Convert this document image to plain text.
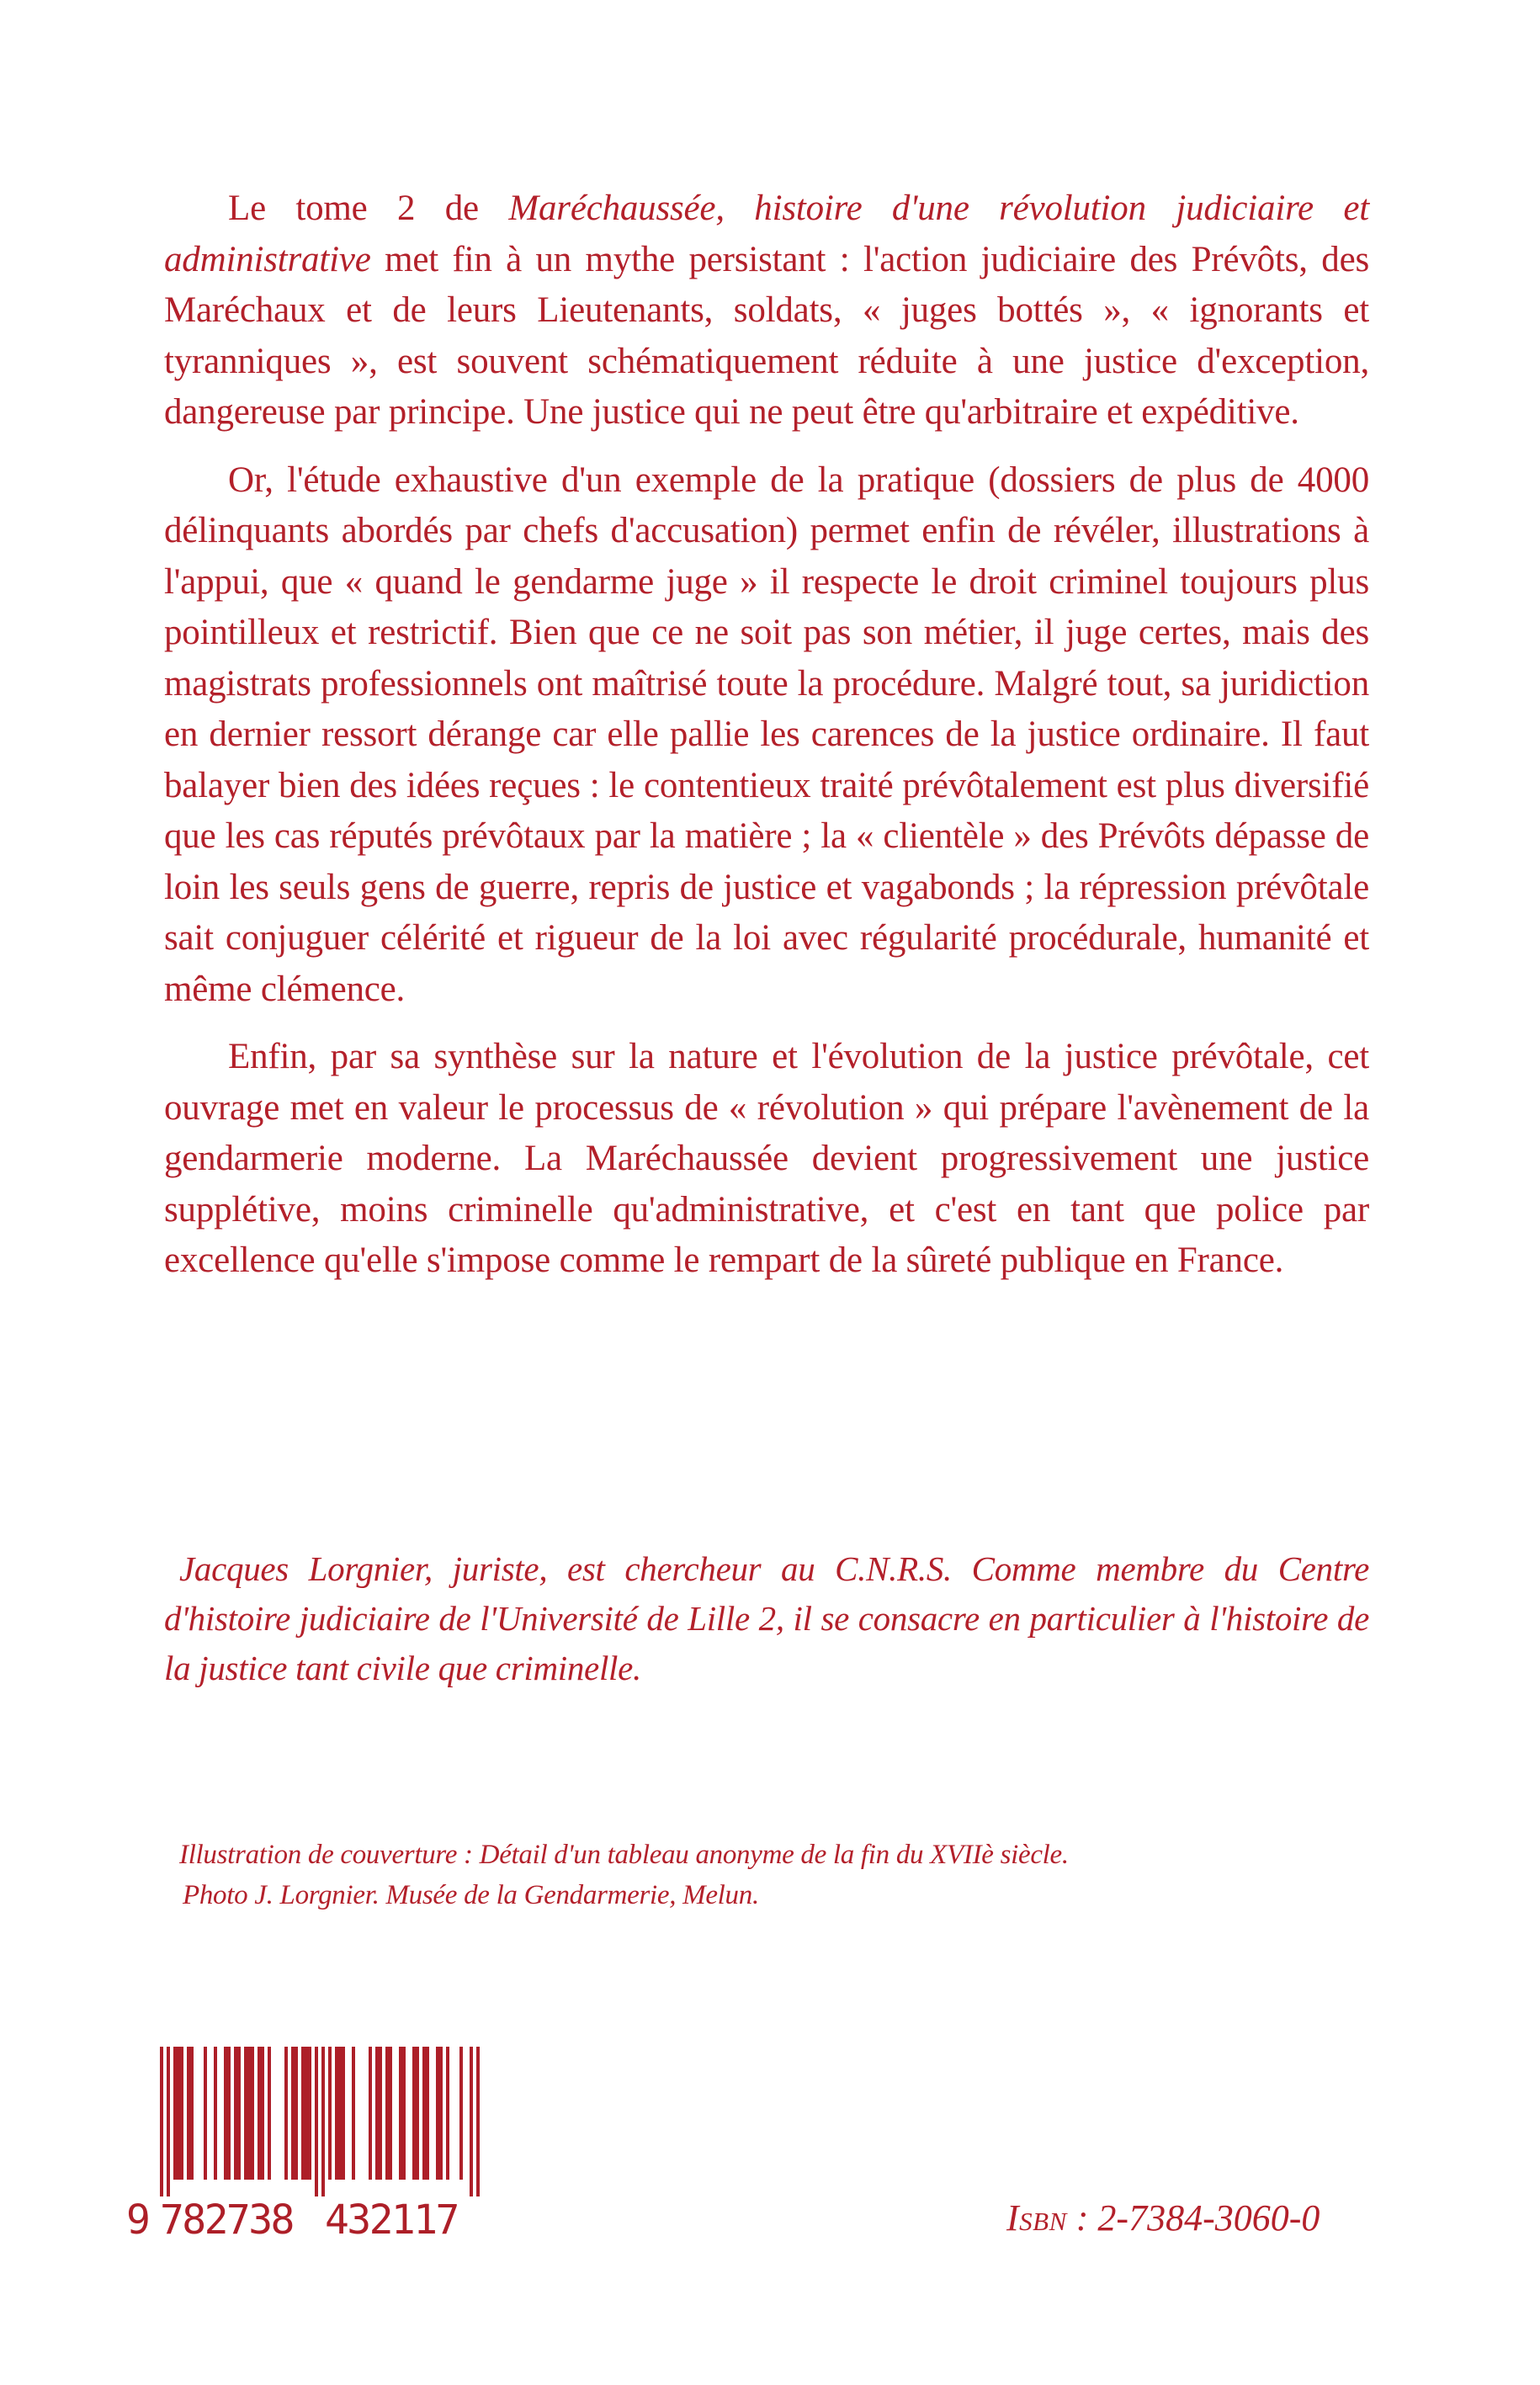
Le tome 2 de Maréchaussée, histoire d'une révolution judiciaire et administrative met fin à un mythe persistant : l'action judiciaire des Prévôts, des Maréchaux et de leurs Lieutenants, soldats, « juges bottés », « ignorants et tyranniques », est souvent schématiquement réduite à une justice d'exception, dangereuse par principe. Une justice qui ne peut être qu'arbitraire et expéditive.

Or, l'étude exhaustive d'un exemple de la pratique (dossiers de plus de 4000 délinquants abordés par chefs d'accusation) permet enfin de révéler, illustrations à l'appui, que « quand le gendarme juge » il respecte le droit criminel toujours plus pointilleux et restrictif. Bien que ce ne soit pas son métier, il juge certes, mais des magistrats professionnels ont maîtrisé toute la procédure. Malgré tout, sa juridiction en dernier ressort dérange car elle pallie les carences de la justice ordinaire. Il faut balayer bien des idées reçues : le contentieux traité prévôtalement est plus diversifié que les cas réputés prévôtaux par la matière ; la « clientèle » des Prévôts dépasse de loin les seuls gens de guerre, repris de justice et vagabonds ; la répression prévôtale sait conjuguer célérité et rigueur de la loi avec régularité procédurale, humanité et même clémence.

Enfin, par sa synthèse sur la nature et l'évolution de la justice prévôtale, cet ouvrage met en valeur le processus de « révolution » qui prépare l'avènement de la gendarmerie moderne. La Maréchaussée devient progressivement une justice supplétive, moins criminelle qu'administrative, et c'est en tant que police par excellence qu'elle s'impose comme le rempart de la sûreté publique en France.

Jacques Lorgnier, juriste, est chercheur au C.N.R.S. Comme membre du Centre d'histoire judiciaire de l'Université de Lille 2, il se consacre en particulier à l'histoire de la justice tant civile que criminelle.
Illustration de couverture : Détail d'un tableau anonyme de la fin du XVIIè siècle.
Photo J. Lorgnier. Musée de la Gendarmerie, Melun.
9 782738 432117	Isbn : 2-7384-3060-0
